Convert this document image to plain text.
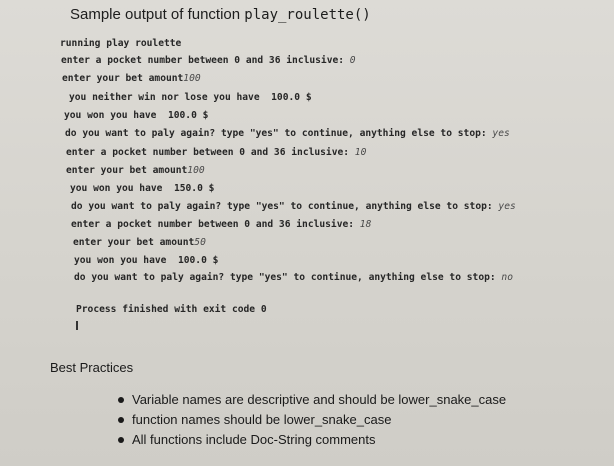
Sample output of function play_roulette()
running play roulette
enter a pocket number between 0 and 36 inclusive: 0
enter your bet amount100
you neither win nor lose you have  100.0 $
you won you have  100.0 $
do you want to paly again? type "yes" to continue, anything else to stop: yes
enter a pocket number between 0 and 36 inclusive: 10
enter your bet amount100
you won you have  150.0 $
do you want to paly again? type "yes" to continue, anything else to stop: yes
enter a pocket number between 0 and 36 inclusive: 18
enter your bet amount50
you won you have  100.0 $
do you want to paly again? type "yes" to continue, anything else to stop: no
Process finished with exit code 0
Best Practices
Variable names are descriptive and should be lower_snake_case
function names should be lower_snake_case
All functions include Doc-String comments
